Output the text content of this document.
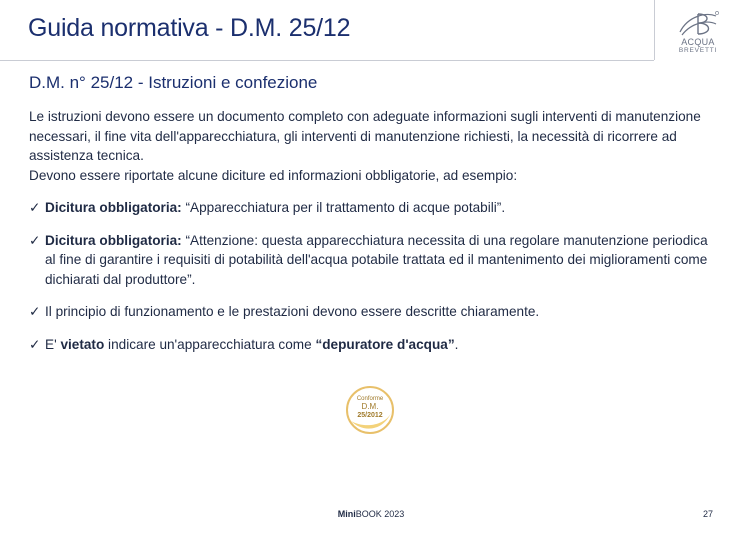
Guida normativa - D.M. 25/12	ACQUA
BREVETTI
D.M. n° 25/12 - Istruzioni e confezione

Le istruzioni devono essere un documento completo con adeguate informazioni sugli interventi di manutenzione necessari, il fine vita dell'apparecchiatura, gli interventi di manutenzione richiesti, la necessità di ricorrere ad assistenza tecnica.

Devono essere riportate alcune diciture ed informazioni obbligatorie, ad esempio:

✓ Dicitura obbligatoria: “Apparecchiatura per il trattamento di acque potabili”.

✓ Dicitura obbligatoria: “Attenzione: questa apparecchiatura necessita di una regolare manutenzione periodica al fine di garantire i requisiti di potabilità dell'acqua potabile trattata ed il mantenimento dei miglioramenti come dichiarati dal produttore”.

✓ Il principio di funzionamento e le prestazioni devono essere descritte chiaramente.

✓ E' vietato indicare un'apparecchiatura come “depuratore d'acqua”.

Conforme
D.M.
25/2012
MiniBOOK 2023	27
